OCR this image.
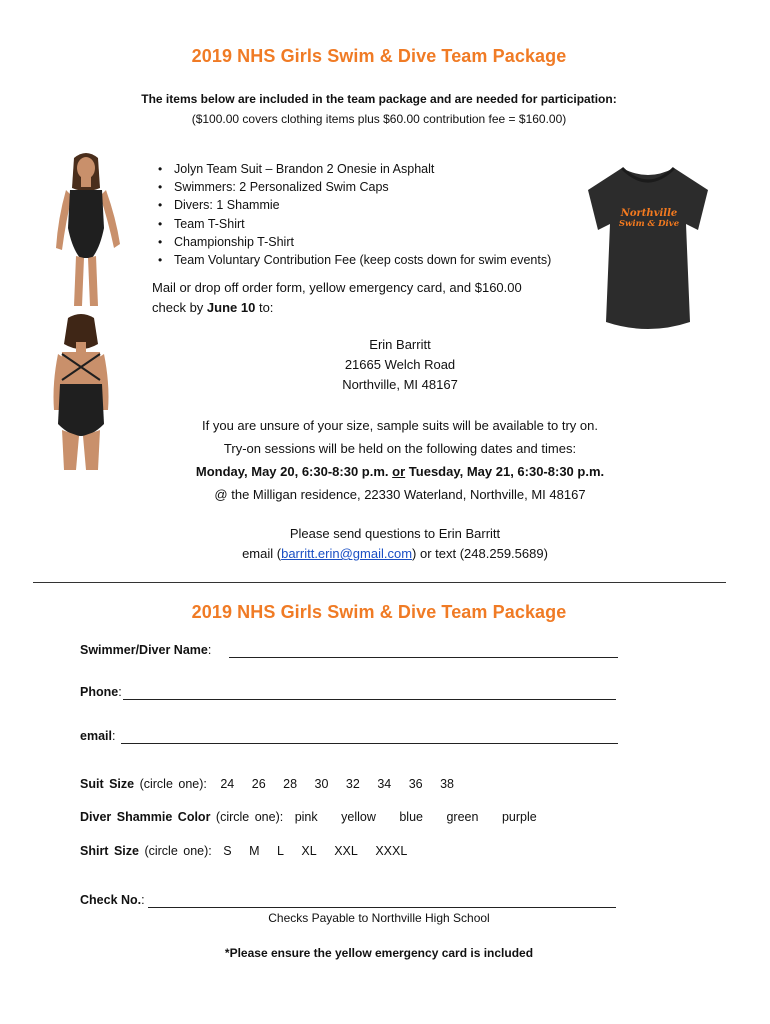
2019 NHS Girls Swim & Dive Team Package
The items below are included in the team package and are needed for participation:
($100.00 covers clothing items plus $60.00 contribution fee = $160.00)
Northville
Swim & Dive
• Jolyn Team Suit – Brandon 2 Onesie in Asphalt
• Swimmers: 2 Personalized Swim Caps
• Divers: 1 Shammie
• Team T-Shirt
• Championship T-Shirt
• Team Voluntary Contribution Fee (keep costs down for swim events)
Mail or drop off order form, yellow emergency card, and $160.00
check by June 10 to:
Erin Barritt
21665 Welch Road
Northville, MI 48167
If you are unsure of your size, sample suits will be available to try on.
Try-on sessions will be held on the following dates and times:
Monday, May 20, 6:30-8:30 p.m. or Tuesday, May 21, 6:30-8:30 p.m.
@ the Milligan residence, 22330 Waterland, Northville, MI 48167
Please send questions to Erin Barritt
email (barritt.erin@gmail.com) or text (248.259.5689)
2019 NHS Girls Swim & Dive Team Package
Swimmer/Diver Name:
Phone:
email:
Suit Size (circle one): 24 26 28 30 32 34 36 38
Diver Shammie Color (circle one): pink yellow blue green purple
Shirt Size (circle one): S M L XL XXL XXXL
Check No.:
Checks Payable to Northville High School
*Please ensure the yellow emergency card is included
